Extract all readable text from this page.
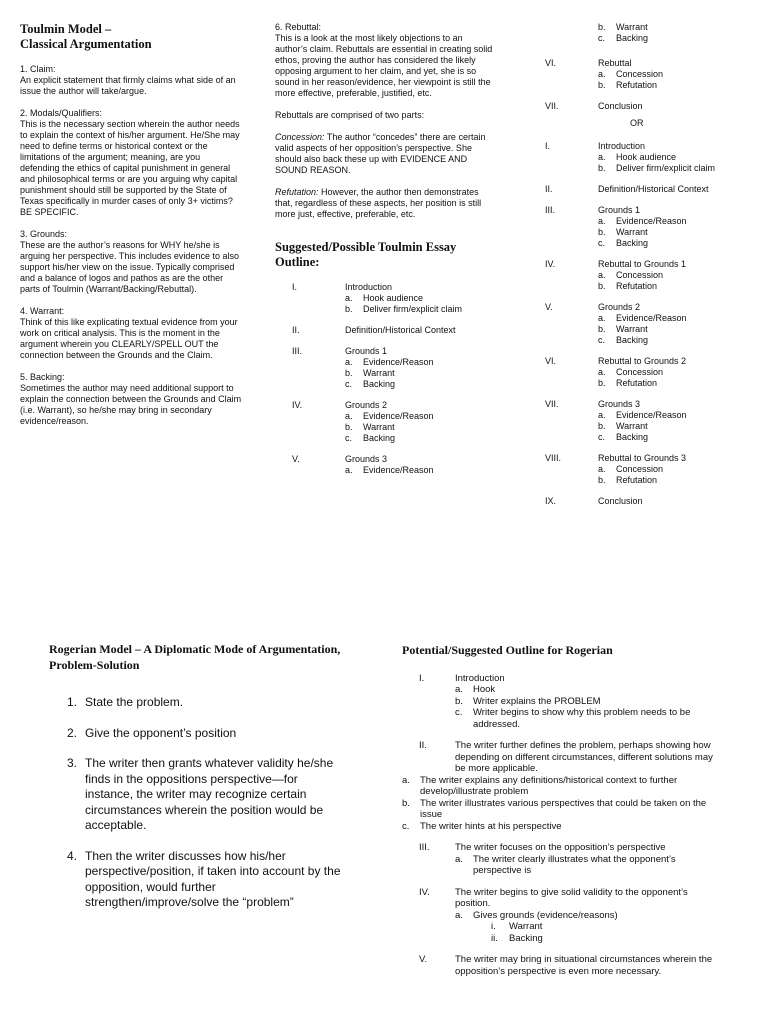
Toulmin Model –
Classical Argumentation
1. Claim:
An explicit statement that firmly claims what side of an issue the author will take/argue.
2. Modals/Qualifiers:
This is the necessary section wherein the author needs to explain the context of his/her argument. He/She may need to define terms or historical context or the limitations of the argument; meaning, are you defending the ethics of capital punishment in general and philosophical terms or are you arguing why capital punishment should still be supported by the State of Texas specifically in murder cases of only 3+ victims? BE SPECIFIC.
3. Grounds:
These are the author’s reasons for WHY he/she is arguing her perspective. This includes evidence to also support his/her view on the issue. Typically comprised and a balance of logos and pathos as are the other parts of Toulmin (Warrant/Backing/Rebuttal).
4. Warrant:
Think of this like explicating textual evidence from your work on critical analysis. This is the moment in the argument wherein you CLEARLY/SPELL OUT the connection between the Grounds and the Claim.
5. Backing:
Sometimes the author may need additional support to explain the connection between the Grounds and Claim (i.e. Warrant), so he/she may bring in secondary evidence/reason.
6. Rebuttal:
This is a look at the most likely objections to an author’s claim. Rebuttals are essential in creating solid ethos, proving the author has considered the likely opposing argument to her claim, and yet, she is so sound in her reason/evidence, her viewpoint is still the more effective, preferable, justified, etc.
Rebuttals are comprised of two parts:
Concession: The author “concedes” there are certain valid aspects of her opposition’s perspective. She should also back these up with EVIDENCE AND SOUND REASON.
Refutation: However, the author then demonstrates that, regardless of these aspects, her position is still more just, effective, preferable, etc.
Suggested/Possible Toulmin Essay Outline:
I.	Introduction
a. Hook audience
b. Deliver firm/explicit claim
II.	Definition/Historical Context
III.	Grounds 1
a. Evidence/Reason
b. Warrant
c. Backing
IV.	Grounds 2
a. Evidence/Reason
b. Warrant
c. Backing
V.	Grounds 3
a. Evidence/Reason
b. Warrant
c. Backing
VI.	Rebuttal
a. Concession
b. Refutation
VII.	Conclusion
OR
I.	Introduction
a. Hook audience
b. Deliver firm/explicit claim
II.	Definition/Historical Context
III.	Grounds 1
a. Evidence/Reason
b. Warrant
c. Backing
IV.	Rebuttal to Grounds 1
a. Concession
b. Refutation
V.	Grounds 2
a. Evidence/Reason
b. Warrant
c. Backing
VI.	Rebuttal to Grounds 2
a. Concession
b. Refutation
VII.	Grounds 3
a. Evidence/Reason
b. Warrant
c. Backing
VIII.	Rebuttal to Grounds 3
a. Concession
b. Refutation
IX.	Conclusion
Rogerian Model – A Diplomatic Mode of Argumentation, Problem-Solution
1. State the problem.
2. Give the opponent’s position
3. The writer then grants whatever validity he/she finds in the oppositions perspective—for instance, the writer may recognize certain circumstances wherein the position would be acceptable.
4. Then the writer discusses how his/her perspective/position, if taken into account by the opposition, would further strengthen/improve/solve the “problem”
Potential/Suggested Outline for Rogerian
I.	Introduction
a. Hook
b. Writer explains the PROBLEM
c. Writer begins to show why this problem needs to be addressed.
II.	The writer further defines the problem, perhaps showing how depending on different circumstances, different solutions may be more applicable.
a. The writer explains any definitions/historical context to further develop/illustrate problem
b. The writer illustrates various perspectives that could be taken on the issue
c. The writer hints at his perspective
III.	The writer focuses on the opposition’s perspective
a. The writer clearly illustrates what the opponent’s perspective is
IV.	The writer begins to give solid validity to the opponent’s position.
a. Gives grounds (evidence/reasons)
i. Warrant
ii. Backing
V.	The writer may bring in situational circumstances wherein the opposition’s perspective is even more necessary.
